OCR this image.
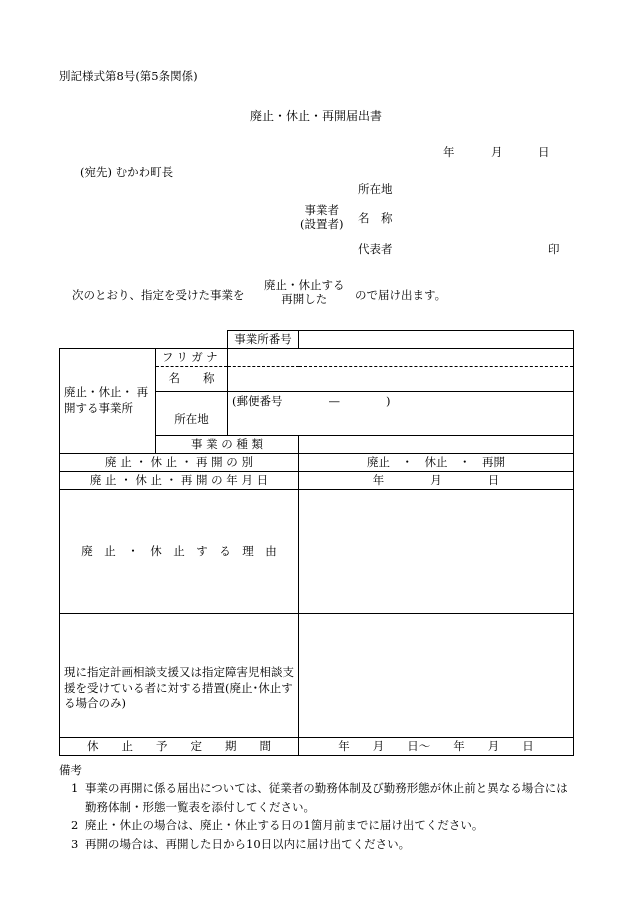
別記様式第8号(第5条関係)
廃止・休止・再開届出書
年	月	日
(宛先) むかわ町長
所在地
事業者
(設置者) 名　称
代表者	印
次のとおり、指定を受けた事業を
廃止・休止する
再開した	ので届け出ます。
		事業所番号	
廃止・休止・ 再開する事業所	フリガナ		
	名　　称		
	所在地	(郵便番号　　　　—　　　　)	
	事 業 の 種 類		
廃 止 ・ 休 止 ・ 再 開 の 別			廃止　・　休止　・　再開
廃 止 ・ 休 止 ・ 再 開 の 年 月 日			年　　　　月　　　　日
廃　止　・　休　止　す　る　理　由			
現に指定計画相談支援又は指定障害児相談支援を受けている者に対する措置(廃止･休止する場合のみ)			
休　　止　　予　　定　　期　　間			年　　月　　日～　　年　　月　　日
備考
1 事業の再開に係る届出については、従業者の勤務体制及び勤務形態が休止前と異なる場合には勤務体制・形態一覧表を添付してください。
2 廃止・休止の場合は、廃止・休止する日の1箇月前までに届け出てください。
3 再開の場合は、再開した日から10日以内に届け出てください。
